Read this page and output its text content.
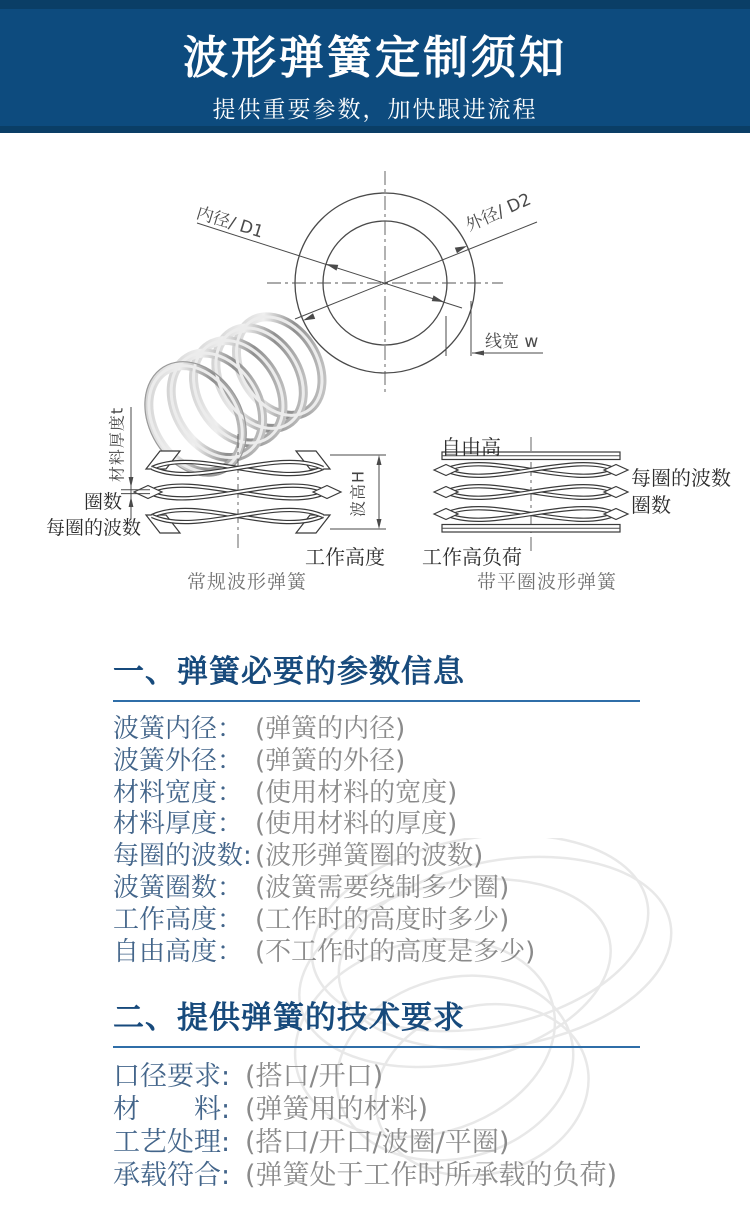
波形弹簧定制须知

提供重要参数，加快跟进流程

内径/ D1	外径/ D2
线宽 w
材料厚度t
圈数
每圈的波数
波高H
工作高度
常规波形弹簧
自由高
每圈的波数
圈数
工作高负荷
带平圈波形弹簧
一、弹簧必要的参数信息
波簧内径： (弹簧的内径)
波簧外径： (弹簧的外径)
材料宽度： (使用材料的宽度)
材料厚度： (使用材料的厚度)
每圈的波数: (波形弹簧圈的波数)
波簧圈数： (波簧需要绕制多少圈)
工作高度： (工作时的高度时多少)
自由高度： (不工作时的高度是多少)
二、提供弹簧的技术要求
口径要求: (搭口/开口)
材　　料: (弹簧用的材料)
工艺处理: (搭口/开口/波圈/平圈)
承载符合: (弹簧处于工作时所承载的负荷)
